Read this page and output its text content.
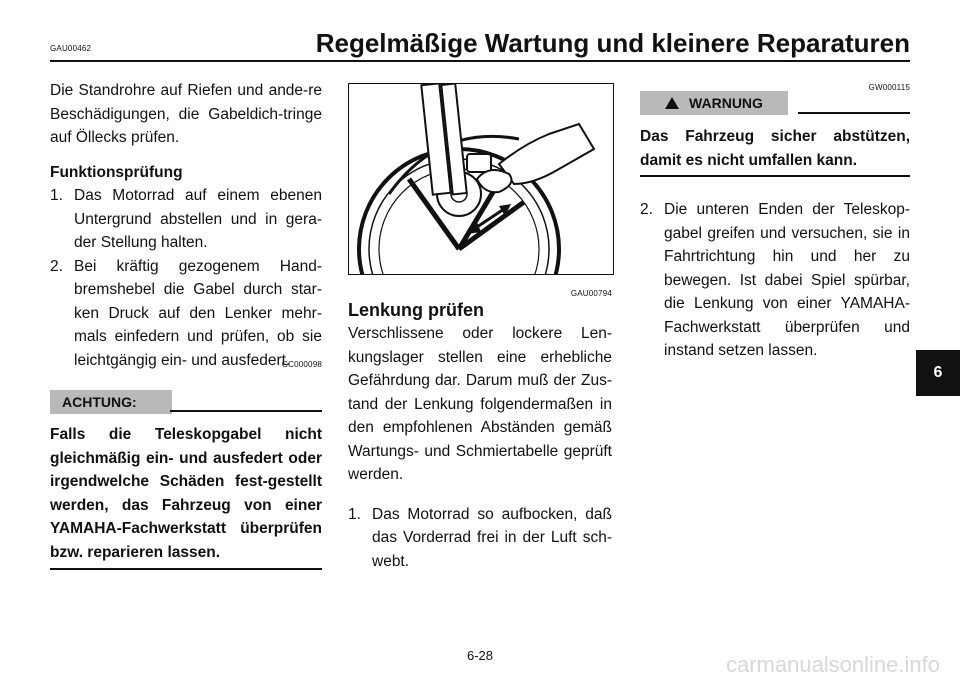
GAU00462	Regelmäßige Wartung und kleinere Reparaturen

Die Standrohre auf Riefen und ande-re Beschädigungen, die Gabeldich-tringe auf Öllecks prüfen.

Funktionsprüfung

1. Das Motorrad auf einem ebenen Untergrund abstellen und in gera-der Stellung halten.
2. Bei kräftig gezogenem Hand-bremshebel die Gabel durch star-ken Druck auf den Lenker mehr-mals einfedern und prüfen, ob sie leichtgängig ein- und ausfedert.
GC000098
ACHTUNG:
Falls die Teleskopgabel nicht gleichmäßig ein- und ausfedert oder irgendwelche Schäden fest-gestellt werden, das Fahrzeug von einer YAMAHA-Fachwerkstatt überprüfen bzw. reparieren lassen.
GAU00794
Lenkung prüfen

Verschlissene oder lockere Len-kungslager stellen eine erhebliche Gefährdung dar. Darum muß der Zus-tand der Lenkung folgendermaßen in den empfohlenen Abständen gemäß Wartungs- und Schmiertabelle geprüft werden.

1. Das Motorrad so aufbocken, daß das Vorderrad frei in der Luft sch-webt.
GW000115
WARNUNG
Das Fahrzeug sicher abstützen, damit es nicht umfallen kann.
2. Die unteren Enden der Teleskop-gabel greifen und versuchen, sie in Fahrtrichtung hin und her zu bewegen. Ist dabei Spiel spürbar, die Lenkung von einer YAMAHA-Fachwerkstatt überprüfen und instand setzen lassen.
6
6-28	carmanualsonline.info
